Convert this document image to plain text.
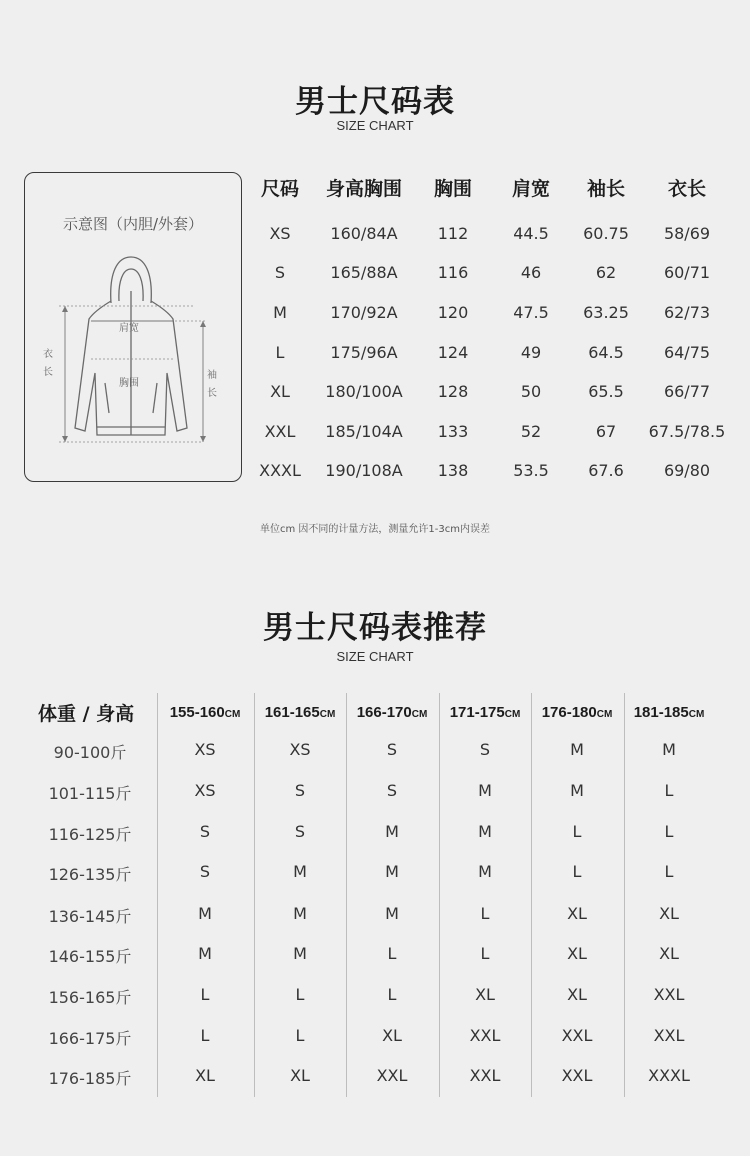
男士尺码表
SIZE CHART
示意图（内胆/外套）
肩宽
胸围
衣
长	袖
长
尺码 身高胸围 胸围 肩宽 袖长 衣长
XS 160/84A	112	44.5 60.75 58/69
S	165/88A	116	46	62	60/71
M	170/92A	120	47.5 63.25 62/73
L	175/96A	124	49	64.5	64/75
XL 180/100A 128	50	65.5	66/77
XXL 185/104A 133	52	67 67.5/78.5
XXXL 190/108A 138	53.5 67.6	69/80
单位cm 因不同的计量方法，测量允许1-3cm内误差
男士尺码表推荐
SIZE CHART
体重 / 身高 155-160CM 161-165CM 166-170CM 171-175CM 176-180CM 181-185CM
90-100斤	XS	XS	S	S	M	M
101-115斤	XS	S	S	M	M	L
116-125斤	S	S	M	M	L	L
126-135斤	S	M	M	M	L	L
136-145斤	M	M	M	L	XL	XL
146-155斤	M	M	L	L	XL	XL
156-165斤	L	L	L	XL	XL	XXL
166-175斤	L	L	XL	XXL	XXL	XXL
176-185斤	XL	XL	XXL	XXL	XXL	XXXL
